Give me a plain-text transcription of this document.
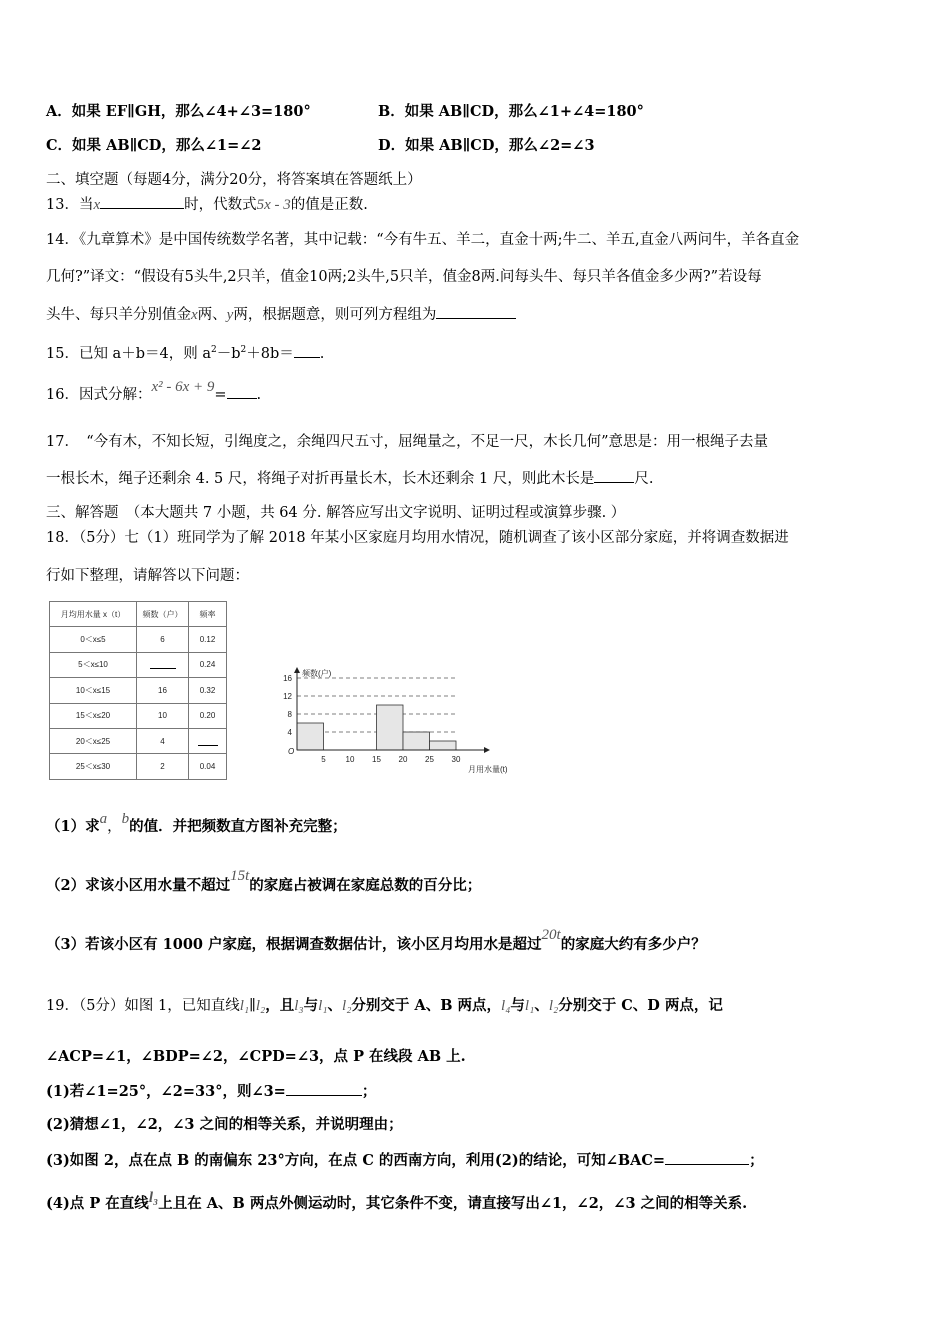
A．如果 EF∥GH，那么∠4+∠3=180°	B．如果 AB∥CD，那么∠1+∠4=180°
C．如果 AB∥CD，那么∠1=∠2	D．如果 AB∥CD，那么∠2=∠3
二、填空题（每题4分，满分20分，将答案填在答题纸上）
13．当x	时，代数式5x - 3的值是正数.
14．《九章算术》是中国传统数学名著，其中记载：“今有牛五、羊二，直金十两;牛二、羊五,直金八两问牛，羊各直金
几何?”译文：“假设有5头牛,2只羊，值金10两;2头牛,5只羊，值金8两.问每头牛、每只羊各值金多少两?”若设每
头牛、每只羊分别值金x两、y两，根据题意，则可列方程组为
15．已知 a＋b＝4，则 $a^2-b^2+8b=$ .
16．因式分解：x² - 6x + 9= .
17．　“今有木，不知长短，引绳度之，余绳四尺五寸，屈绳量之，不足一尺，木长几何”意思是：用一根绳子去量
一根长木，绳子还剩余 4. 5 尺，将绳子对折再量长木，长木还剩余 1 尺，则此木长是	尺.
三、解答题　（本大题共 7 小题，共 64 分. 解答应写出文字说明、证明过程或演算步骤. ）
18．（5分）七（1）班同学为了解 2018 年某小区家庭月均用水情况，随机调查了该小区部分家庭，并将调查数据进
行如下整理，请解答以下问题：
月均用水量 x（t）	频数（户）	频率
0＜x≤5	6	0.12
5＜x≤10		0.24
10＜x≤15	16	0.32
15＜x≤20	10	0.20
20＜x≤25	4	
25＜x≤30	2	0.04
5 10 15 20 25 30
4
8
12
16
O
频数(户)
月用水量(t)
（1）求a，b的值．并把频数直方图补充完整；
（2）求该小区用水量不超过15t的家庭占被调在家庭总数的百分比；
（3）若该小区有 1000 户家庭，根据调查数据估计，该小区月均用水是超过20t的家庭大约有多少户？
19．（5分）如图 1，已知直线l₁∥l₂，且l₃与l₁、l₂分别交于 A、B 两点，l₄与l₁、l₂分别交于 C、D 两点，记
∠ACP=∠1，∠BDP=∠2，∠CPD=∠3，点 P 在线段 AB 上.
(1)若∠1=25°，∠2=33°，则∠3=	；
(2)猜想∠1，∠2，∠3 之间的相等关系，并说明理由；
(3)如图 2，点在点 B 的南偏东 23°方向，在点 C 的西南方向，利用(2)的结论，可知∠BAC=	；
(4)点 P 在直线l₃上且在 A、B 两点外侧运动时，其它条件不变，请直接写出∠1，∠2，∠3 之间的相等关系.
